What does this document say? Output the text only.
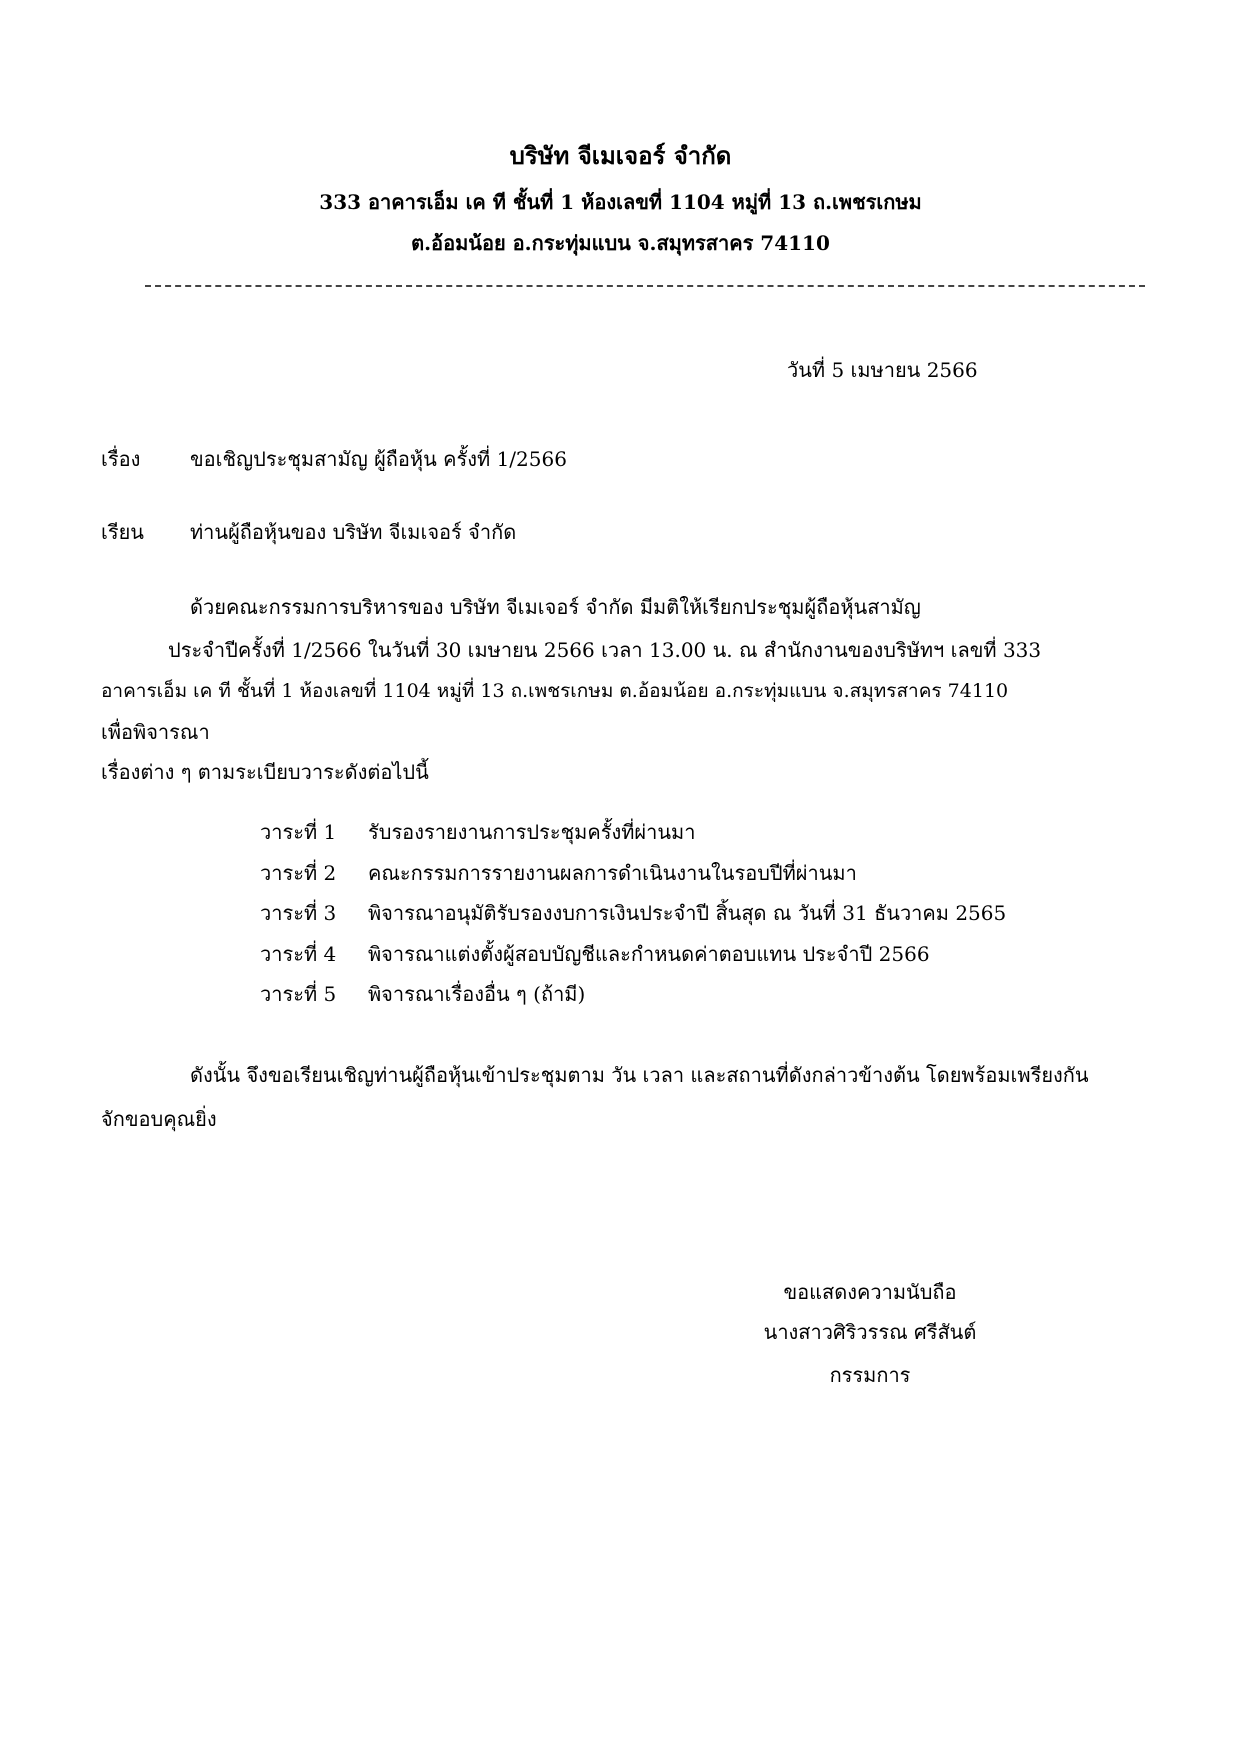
บริษัท จีเมเจอร์ จำกัด
333 อาคารเอ็ม เค ที ชั้นที่ 1 ห้องเลขที่ 1104 หมู่ที่ 13 ถ.เพชรเกษม
ต.อ้อมน้อย อ.กระทุ่มแบน จ.สมุทรสาคร 74110
วันที่ 5 เมษายน 2566
เรื่อง ขอเชิญประชุมสามัญ ผู้ถือหุ้น ครั้งที่ 1/2566
เรียน ท่านผู้ถือหุ้นของ บริษัท จีเมเจอร์ จำกัด
ด้วยคณะกรรมการบริหารของ บริษัท จีเมเจอร์ จำกัด มีมติให้เรียกประชุมผู้ถือหุ้นสามัญ
ประจำปีครั้งที่ 1/2566 ในวันที่ 30 เมษายน 2566 เวลา 13.00 น. ณ สำนักงานของบริษัทฯ เลขที่ 333
อาคารเอ็ม เค ที ชั้นที่ 1 ห้องเลขที่ 1104 หมู่ที่ 13 ถ.เพชรเกษม ต.อ้อมน้อย อ.กระทุ่มแบน จ.สมุทรสาคร 74110
เพื่อพิจารณา
เรื่องต่าง ๆ ตามระเบียบวาระดังต่อไปนี้
วาระที่ 1 รับรองรายงานการประชุมครั้งที่ผ่านมา
วาระที่ 2 คณะกรรมการรายงานผลการดำเนินงานในรอบปีที่ผ่านมา
วาระที่ 3 พิจารณาอนุมัติรับรองงบการเงินประจำปี สิ้นสุด ณ วันที่ 31 ธันวาคม 2565
วาระที่ 4 พิจารณาแต่งตั้งผู้สอบบัญชีและกำหนดค่าตอบแทน ประจำปี 2566
วาระที่ 5 พิจารณาเรื่องอื่น ๆ (ถ้ามี)
ดังนั้น จึงขอเรียนเชิญท่านผู้ถือหุ้นเข้าประชุมตาม วัน เวลา และสถานที่ดังกล่าวข้างต้น โดยพร้อมเพรียงกัน
จักขอบคุณยิ่ง
ขอแสดงความนับถือ
นางสาวศิริวรรณ ศรีสันต์
กรรมการ
